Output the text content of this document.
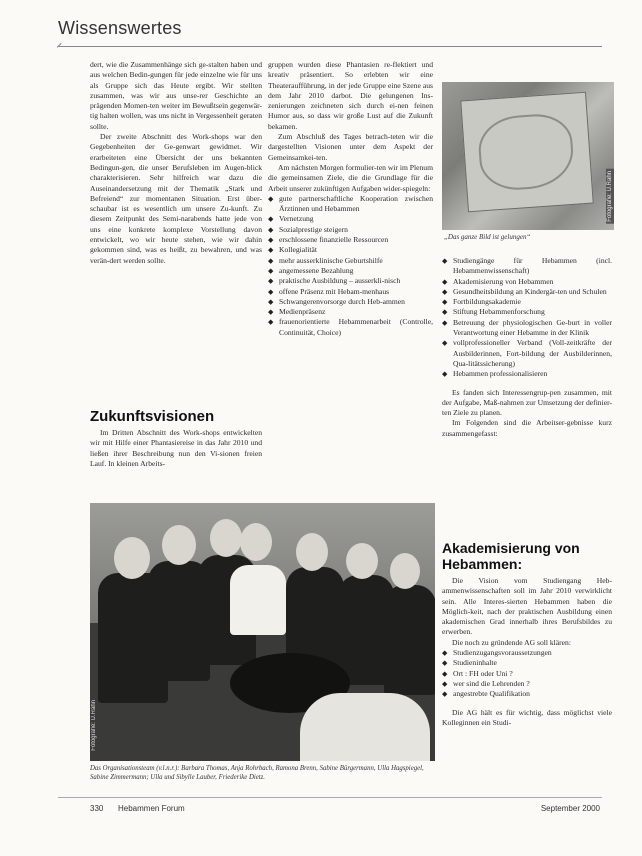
Wissenswertes

dert, wie die Zusammenhänge sich ge-stalten haben und aus welchen Bedin-gungen für jede einzelne wie für uns als Gruppe sich das Heute ergibt. Wir stellten zusammen, was wir aus unse-rer Geschichte an prägenden Momen-ten weiter im Bewußtsein gegenwär-tig halten wollen, was uns nicht in Vergessenheit geraten sollte.

Der zweite Abschnitt des Work-shops war den Gegebenheiten der Ge-genwart gewidmet. Wir erarbeiteten eine Übersicht der uns bekannten Bedingun-gen, die unser Berufsleben im Augen-blick charakterisieren. Sehr hilfreich war dazu die Auseinandersetzung mit der Thematik „Stark und Befreiend“ zur momentanen Situation. Erst über-schaubar ist es wesentlich um unsere Zu-kunft. Zu diesem Zeitpunkt des Semi-narabends hatte jede von uns eine konkrete komplexe Vorstellung davon entwickelt, wo wir heute stehen, wie wir dahin gekommen sind, was es heißt, zu bewahren, und was verän-dert werden sollte.

gruppen wurden diese Phantasien re-flektiert und kreativ präsentiert. So erlebten wir eine Theateraufführung, in der jede Gruppe eine Szene aus dem Jahr 2010 darbot. Die gelungenen Ins-zenierungen zeichneten sich durch ei-nen feinen Humor aus, so dass wir große Lust auf die Zukunft bekamen.

Zum Abschluß des Tages betrach-teten wir die dargestellten Visionen unter dem Aspekt der Gemeinsamkei-ten.

Am nächsten Morgen formulier-ten wir im Plenum die gemeinsamen Ziele, die die Grundlage für die Arbeit unserer zukünftigen Aufgaben wider-spiegeln:

◆ gute partnerschaftliche Kooperation zwischen Ärztinnen und Hebammen
◆ Vernetzung
◆ Sozialprestige steigern
◆ erschlossene finanzielle Ressourcen
◆ Kollegialität
◆ mehr ausserklinische Geburtshilfe
◆ angemessene Bezahlung
◆ praktische Ausbildung – ausserkli-nisch
◆ offene Präsenz mit Hebam-menhaus
◆ Schwangerenvorsorge durch Heb-ammen
◆ Medienpräsenz
◆ frauenorientierte Hebammenarbeit (Controlle, Continuität, Choice)
Zukunftsvisionen

Im Dritten Abschnitt des Work-shops entwickelten wir mit Hilfe einer Phantasiereise in das Jahr 2010 und ließen ihrer Beschreibung nun den Vi-sionen freien Lauf. In kleinen Arbeits-

Fotografie: U.Rahn
„Das ganze Bild ist gelungen“
◆ Studiengänge für Hebammen (incl. Hebammenwissenschaft)
◆ Akademisierung von Hebammen
◆ Gesundheitsbildung an Kindergär-ten und Schulen
◆ Fortbildungsakademie
◆ Stiftung Hebammenforschung
◆ Betreuung der physiologischen Ge-burt in voller Verantwortung einer Hebamme in der Klinik
◆ vollprofessioneller Verband (Voll-zeitkräfte der Ausbilderinnen, Fort-bildung der Ausbilderinnen, Qua-litätssicherung)
◆ Hebammen professionalisieren

Es fanden sich Interessengrup-pen zusammen, mit der Aufgabe, Maß-nahmen zur Umsetzung der definier-ten Ziele zu planen.

Im Folgenden sind die Arbeitser-gebnisse kurz zusammengefasst:

Akademisierung von Hebammen:

Die Vision vom Studiengang Heb-ammenwissenschaften soll im Jahr 2010 verwirklicht sein. Alle Interes-sierten Hebammen haben die Möglich-keit, nach der praktischen Ausbildung einen akademischen Grad innerhalb ihres Berufsbildes zu erwerben.

Die noch zu gründende AG soll klären:

◆ Studienzugangsvoraussetzungen
◆ Studieninhalte
◆ Ort : FH oder Uni ?
◆ wer sind die Lehrenden ?
◆ angestrebte Qualifikation

Die AG hält es für wichtig, dass möglichst viele Kolleginnen ein Studi-

Fotografie: U.Rahn
Das Organisationsteam (v.l.n.r.): Barbara Thomas, Anja Rohrbach, Ramona Brenn, Sabine Bürgermann, Ulla Hagspiegel, Sabine Zimmermann; Ulla und Sibylle Lauber, Friederike Dietz.
330 Hebammen Forum	September 2000
